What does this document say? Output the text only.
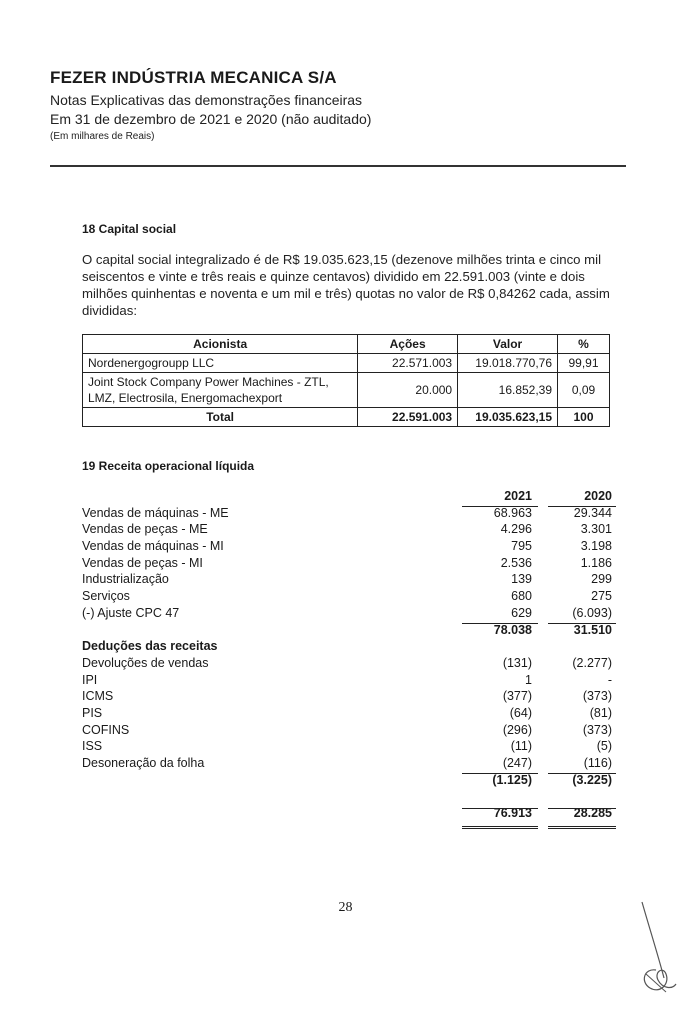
FEZER INDÚSTRIA MECANICA S/A
Notas Explicativas das demonstrações financeiras
Em 31 de dezembro de 2021 e 2020 (não auditado)
(Em milhares de Reais)
18 Capital social
O capital social integralizado é de R$ 19.035.623,15 (dezenove milhões trinta e cinco mil seiscentos e vinte e três reais e quinze centavos) dividido em 22.591.003 (vinte e dois milhões quinhentas e noventa e um mil e três) quotas no valor de R$ 0,84262 cada, assim divididas:
Acionista	Ações	Valor	%
Nordenergogroupp LLC	22.571.003	19.018.770,76	99,91
Joint Stock Company Power Machines - ZTL, LMZ, Electrosila, Energomachexport	20.000	16.852,39	0,09
Total	22.591.003	19.035.623,15	100
19 Receita operacional líquida
2021	2020
Vendas de máquinas - ME	68.963	29.344
Vendas de peças - ME	4.296	3.301
Vendas de máquinas - MI	795	3.198
Vendas de peças - MI	2.536	1.186
Industrialização	139	299
Serviços	680	275
(-) Ajuste CPC 47	629	(6.093)
78.038	31.510
Deduções das receitas
Devoluções de vendas	(131)	(2.277)
IPI	1	-
ICMS	(377)	(373)
PIS	(64)	(81)
COFINS	(296)	(373)
ISS	(11)	(5)
Desoneração da folha	(247)	(116)
(1.125)	(3.225)
76.913	28.285
28
